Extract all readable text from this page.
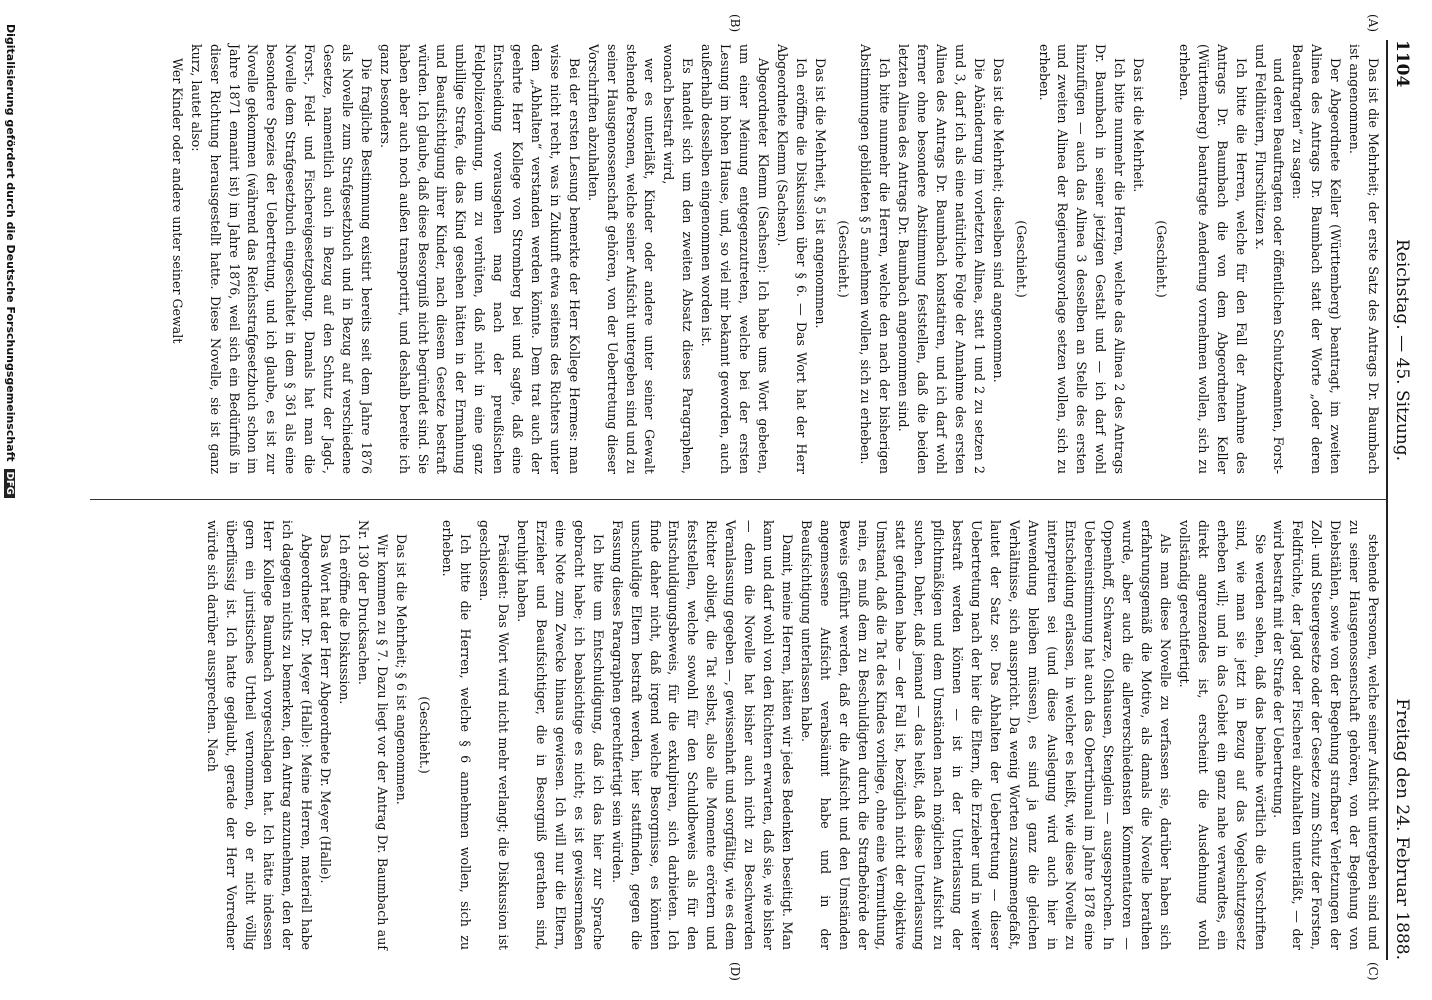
1104
Reichstag. — 45. Sitzung.
Freitag den 24. Februar 1888.
(A)
(B)
(C)
(D)

Das ist die Mehrheit; der erste Satz des Antrags Dr. Baumbach ist angenommen.

Der Abgeordnete Keller (Württemberg) beantragt, im zweiten Alinea des Antrags Dr. Baumbach statt der Worte „oder deren Beauftragten“ zu sagen:

und deren Beauftragten oder öffentlichen Schutzbeamten, Forst- und Feldhütern, Flurschützen x.

Ich bitte die Herren, welche für den Fall der Annahme des Antrags Dr. Baumbach die von dem Abgeordneten Keller (Württemberg) beantragte Aenderung vornehmen wollen, sich zu erheben.

(Geschieht.)

Das ist die Mehrheit.

Ich bitte nunmehr die Herren, welche das Alinea 2 des Antrags Dr. Baumbach in seiner jetzigen Gestalt und — ich darf wohl hinzufügen — auch das Alinea 3 desselben an Stelle des ersten und zweiten Alinea der Regierungsvorlage setzen wollen, sich zu erheben.

(Geschieht.)

Das ist die Mehrheit; dieselben sind angenommen.

Die Abänderung im vorletzten Alinea, statt 1 und 2 zu setzen 2 und 3, darf ich als eine natürliche Folge der Annahme des ersten Alinea des Antrags Dr. Baumbach konstatiren, und ich darf wohl ferner ohne besondere Abstimmung feststellen, daß die beiden letzten Alinea des Antrags Dr. Baumbach angenommen sind.

Ich bitte nunmehr die Herren, welche den nach der bisherigen Abstimmungen gebildeten § 5 annehmen wollen, sich zu erheben.

(Geschieht.)

Das ist die Mehrheit, § 5 ist angenommen.

Ich eröffne die Diskussion über § 6. — Das Wort hat der Herr Abgeordnete Klemm (Sachsen).

Abgeordneter Klemm (Sachsen): Ich habe ums Wort gebeten, um einer Meinung entgegenzutreten, welche bei der ersten Lesung im hohen Hause, und, so viel mir bekannt geworden, auch außerhalb desselben eingenommen worden ist.

Es handelt sich um den zweiten Absatz dieses Paragraphen, wonach bestraft wird,

wer es unterläßt, Kinder oder andere unter seiner Gewalt stehende Personen, welche seiner Aufsicht untergeben sind und zu seiner Hausgenossenschaft gehören, von der Uebertretung dieser Vorschriften abzuhalten.

Bei der ersten Lesung bemerkte der Herr Kollege Hermes: man wisse nicht recht, was in Zukunft etwa seitens des Richters unter dem „Abhalten“ verstanden werden könnte. Dem trat auch der geehrte Herr Kollege von Stromberg bei und sagte, daß eine Entscheidung vorausgehen mag nach der preußischen Feldpolizeiordnung, um zu verhüten, daß nicht in eine ganz unbillige Strafe, die das Kind gesehen hätten in der Ermahnung und Beaufsichtigung ihrer Kinder, nach diesem Gesetze bestraft würden. Ich glaube, daß diese Besorgniß nicht begründet sind. Sie haben aber auch noch außen transportirt, und deshalb bereite ich ganz besonders.

Die fragliche Bestimmung existirt bereits seit dem Jahre 1876 als Novelle zum Strafgesetzbuch und in Bezug auf verschiedene Gesetze, namentlich auch in Bezug auf den Schutz der Jagd-, Forst-, Feld- und Fischereigesetzgebung. Damals hat man die Novelle dem Strafgesetzbuch eingeschaltet in dem § 361 als eine besondere Spezies der Uebertretung, und ich glaube, es ist zur Novelle gekommen (während das Reichsstrafgesetzbuch schon im Jahre 1871 emanirt ist) im Jahre 1876, weil sich ein Bedürfniß in dieser Richtung herausgestellt hatte. Diese Novelle, sie ist ganz kurz, lautet also:

Wer Kinder oder andere unter seiner Gewalt

stehende Personen, welche seiner Aufsicht untergeben sind und zu seiner Hausgenossenschaft gehören, von der Begehung von Diebstählen, sowie von der Begehung strafbarer Verletzungen der Zoll- und Steuergesetze oder der Gesetze zum Schutz der Forsten, Feldfrüchte, der Jagd oder Fischerei abzuhalten unterläßt, — der wird bestraft mit der Strafe der Uebertretung.

Sie werden sehen, daß das beinahe wörtlich die Vorschriften sind, wie man sie jetzt in Bezug auf das Vogelschutzgesetz erheben will; und in das Gebiet ein ganz nahe verwandtes, ein direkt angrenzendes ist, erscheint die Ausdehnung wohl vollständig gerechtfertigt.

Als man diese Novelle zu verfassen sie, darüber haben sich erfahrungsgemäß die Motive, als damals die Novelle berathen wurde, aber auch die allerverschiedensten Kommentatoren — Oppenhoff, Schwarze, Olshausen, Stenglein — ausgesprochen. In Uebereinstimmung hat auch das Obertribunal im Jahre 1878 eine Entscheidung erlassen, in welcher es heißt, wie diese Novelle zu interpretiren sei (und diese Auslegung wird auch hier in Anwendung bleiben müssen), es sind ja ganz die gleichen Verhältnisse, sich ausspricht. Da wenig Worten zusammengefaßt, lautet der Satz so: Das Abhalten der Uebertretung — dieser Uebertretung nach der hier die Eltern, die Erzieher und in weiter bestraft werden können — ist in der Unterlassung der pflichtmäßigen und dem Umständen nach möglichen Aufsicht zu suchen. Daher, daß jemand — das heißt, daß diese Unterlassung statt gefunden habe — der Fall ist, bezüglich nicht der objektive Umstand, daß die Tat des Kindes vorliege, ohne eine Vermuthung, nein, es muß dem zu Beschuldigten durch die Strafbehörde der Beweis geführt werden, daß er die Aufsicht und den Umständen angemessene Aufsicht verabsäumt habe und in der Beaufsichtigung unterlassen habe.

Damit, meine Herren, hätten wir jedes Bedenken beseitigt. Man kann und darf wohl von den Richtern erwarten, daß sie, wie bisher — denn die Novelle hat bisher auch nicht zu Beschwerden Veranlassung gegeben —, gewissenhaft und sorgfältig, wie es dem Richter obliegt, die Tat selbst, also alle Momente erörtern und feststellen, welche sowohl für den Schuldbeweis als für den Entschuldigungsbeweis, für die exkulpiren, sich darbieten. Ich finde daher nicht, daß irgend welche Besorgnisse, es könnten unschuldige Eltern bestraft werden, hier stattfinden, gegen die Fassung dieses Paragraphen gerechtfertigt sein würden.

Ich bitte um Entschuldigung, daß ich das hier zur Sprache gebracht habe; ich beabsichtige es nicht; es ist gewissermaßen eine Note zum Zwecke hinaus gewiesen. Ich will nur die Eltern, Erzieher und Beaufsichtiger, die in Besorgniß gerathen sind, beruhigt haben.

Präsident: Das Wort wird nicht mehr verlangt; die Diskussion ist geschlossen.

Ich bitte die Herren, welche § 6 annehmen wollen, sich zu erheben.

(Geschieht.)

Das ist die Mehrheit; § 6 ist angenommen.

Wir kommen zu § 7. Dazu liegt vor der Antrag Dr. Baumbach auf Nr. 130 der Drucksachen.

Ich eröffne die Diskussion.

Das Wort hat der Herr Abgeordnete Dr. Meyer (Halle).

Abgeordneter Dr. Meyer (Halle): Meine Herren, materiell habe ich dagegen nichts zu bemerken, den Antrag anzunehmen, den der Herr Kollege Baumbach vorgeschlagen hat. Ich hätte indessen gern ein juristisches Urtheil vernommen, ob er nicht völlig überflüssig ist. Ich hatte geglaubt, gerade der Herr Vorredner würde sich darüber aussprechen. Nach

Digitalisierung gefördert durch die Deutsche Forschungsgemeinschaft DFG
